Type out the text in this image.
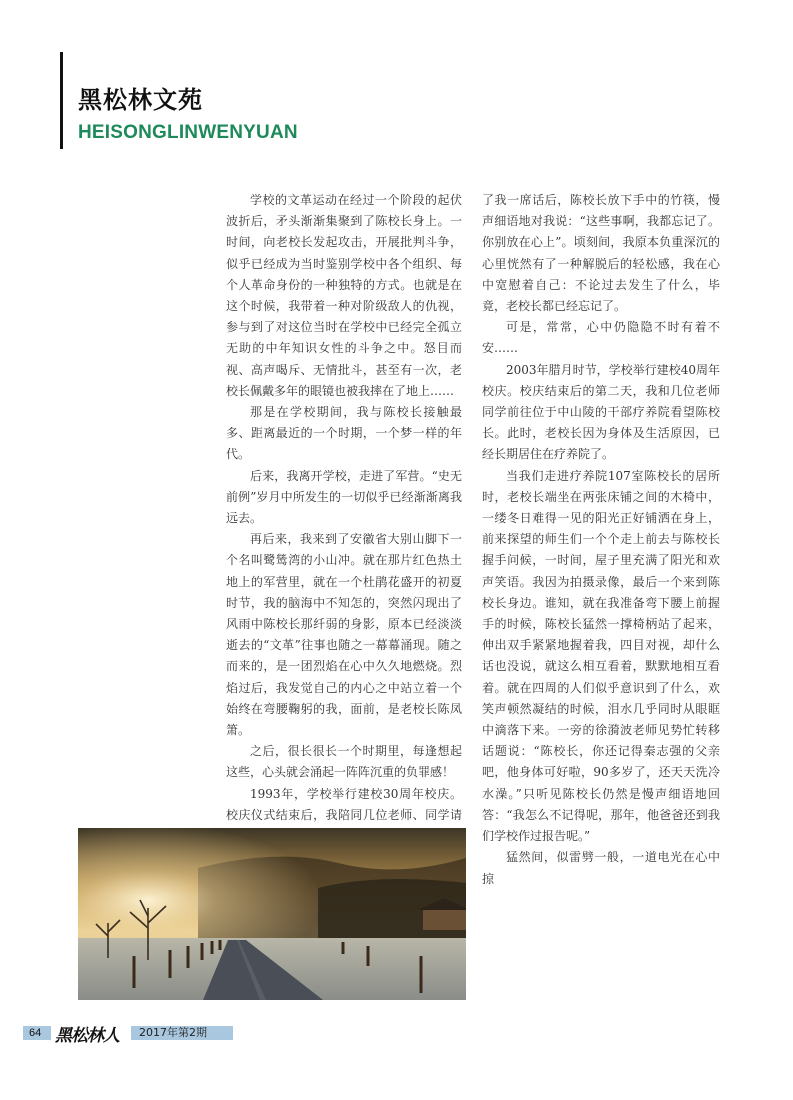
黑松林文苑
HEISONGLINWENYUAN

学校的文革运动在经过一个阶段的起伏波折后，矛头渐渐集聚到了陈校长身上。一时间，向老校长发起攻击，开展批判斗争，似乎已经成为当时鉴别学校中各个组织、每个人革命身份的一种独特的方式。也就是在这个时候，我带着一种对阶级敌人的仇视，参与到了对这位当时在学校中已经完全孤立无助的中年知识女性的斗争之中。怒目而视、高声喝斥、无情批斗，甚至有一次，老校长佩戴多年的眼镜也被我摔在了地上……

那是在学校期间，我与陈校长接触最多、距离最近的一个时期，一个梦一样的年代。

后来，我离开学校，走进了军营。“史无前例”岁月中所发生的一切似乎已经渐渐离我远去。

再后来，我来到了安徽省大别山脚下一个名叫鹭鸶湾的小山冲。就在那片红色热土地上的军营里，就在一个杜鹃花盛开的初夏时节，我的脑海中不知怎的，突然闪现出了风雨中陈校长那纤弱的身影，原本已经淡淡逝去的“文革”往事也随之一幕幕涌现。随之而来的，是一团烈焰在心中久久地燃烧。烈焰过后，我发觉自己的内心之中站立着一个始终在弯腰鞠躬的我，面前，是老校长陈凤箫。

之后，很长很长一个时期里，每逢想起这些，心头就会涌起一阵阵沉重的负罪感！

1993年，学校举行建校30周年校庆。校庆仪式结束后，我陪同几位老师、同学请

了我一席话后，陈校长放下手中的竹筷，慢声细语地对我说：“这些事啊，我都忘记了。你别放在心上”。顷刻间，我原本负重深沉的心里恍然有了一种解脱后的轻松感，我在心中宽慰着自己：不论过去发生了什么，毕竟，老校长都已经忘记了。

可是，常常，心中仍隐隐不时有着不安……

2003年腊月时节，学校举行建校40周年校庆。校庆结束后的第二天，我和几位老师同学前往位于中山陵的干部疗养院看望陈校长。此时，老校长因为身体及生活原因，已经长期居住在疗养院了。

当我们走进疗养院107室陈校长的居所时，老校长端坐在两张床铺之间的木椅中，一缕冬日难得一见的阳光正好铺洒在身上，前来探望的师生们一个个走上前去与陈校长握手问候，一时间，屋子里充满了阳光和欢声笑语。我因为拍摄录像，最后一个来到陈校长身边。谁知，就在我准备弯下腰上前握手的时候，陈校长猛然一撑椅柄站了起来，伸出双手紧紧地握着我，四目对视，却什么话也没说，就这么相互看着，默默地相互看着。就在四周的人们似乎意识到了什么，欢笑声顿然凝结的时候，泪水几乎同时从眼眶中滴落下来。一旁的徐漪波老师见势忙转移话题说：“陈校长，你还记得秦志强的父亲吧，他身体可好啦，90多岁了，还天天洗冷水澡。”只听见陈校长仍然是慢声细语地回答：“我怎么不记得呢，那年，他爸爸还到我们学校作过报告呢。”

猛然间，似雷劈一般，一道电光在心中掠

64 黑松林人 2017年第2期
